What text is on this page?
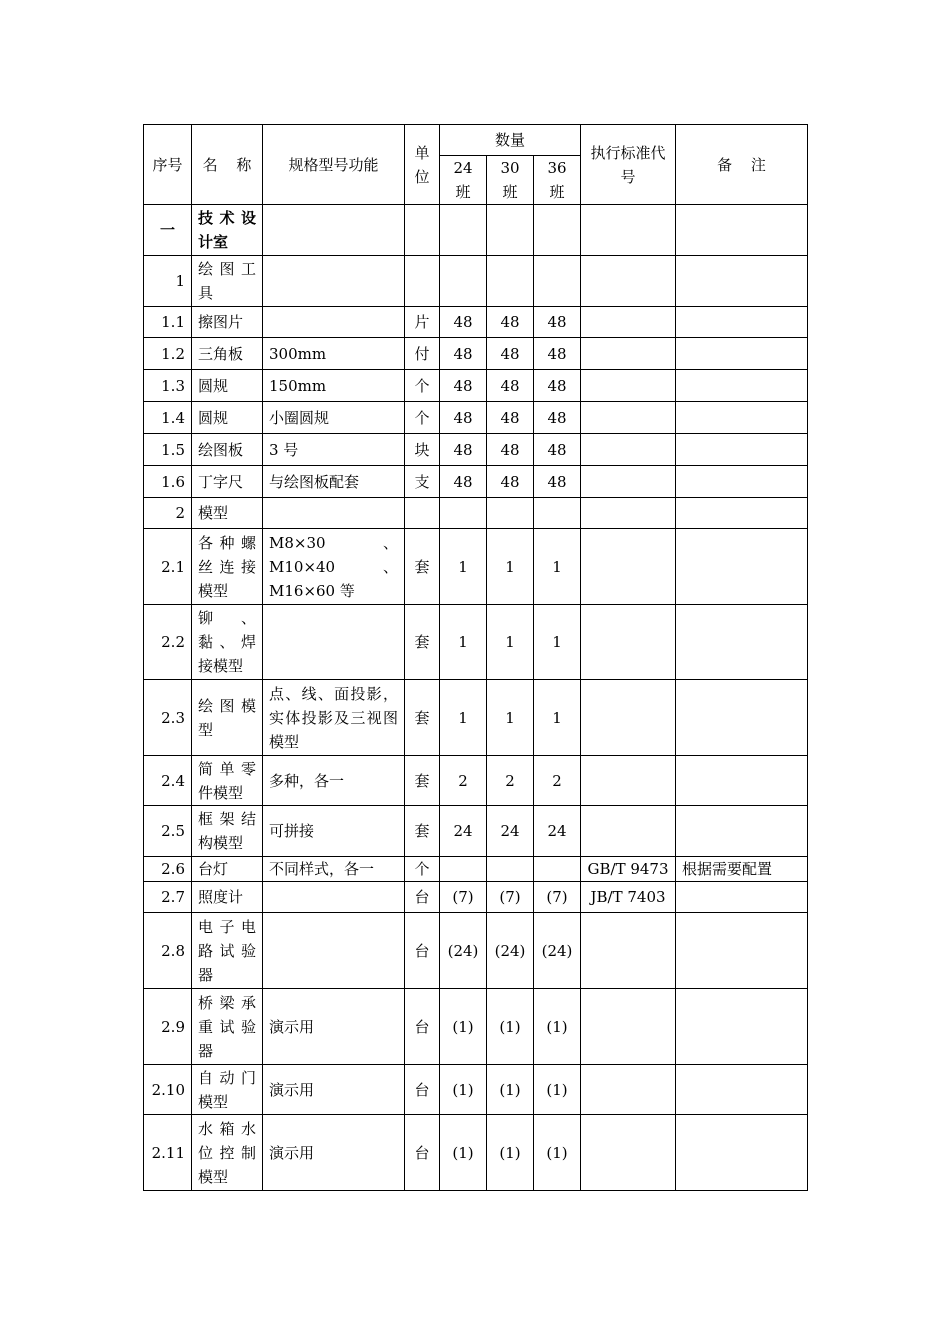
序号	名 称	规格型号功能	单位	数量			执行标准代号	备 注
				24 班	30 班	36 班		
一	技术设计室							
1	绘图工具							
1.1	擦图片		片	48	48	48		
1.2	三角板	300mm	付	48	48	48		
1.3	圆规	150mm	个	48	48	48		
1.4	圆规	小圈圆规	个	48	48	48		
1.5	绘图板	3 号	块	48	48	48		
1.6	丁字尺	与绘图板配套	支	48	48	48		
2	模型							
2.1	各种螺丝连接模型	M8×30 、M10×40、M16×60 等	套	1	1	1		
2.2	铆 、黏、焊接模型		套	1	1	1		
2.3	绘图模型	点、线、面投影，实体投影及三视图模型	套	1	1	1		
2.4	简单零件模型	多种，各一	套	2	2	2		
2.5	框架结构模型	可拼接	套	24	24	24		
2.6	台灯	不同样式，各一	个				GB/T 9473	根据需要配置
2.7	照度计		台	(7)	(7)	(7)	JB/T 7403	
2.8	电子电路试验器		台	(24)	(24)	(24)		
2.9	桥梁承重试验器	演示用	台	(1)	(1)	(1)		
2.10	自动门模型	演示用	台	(1)	(1)	(1)		
2.11	水箱水位控制模型	演示用	台	(1)	(1)	(1)		
